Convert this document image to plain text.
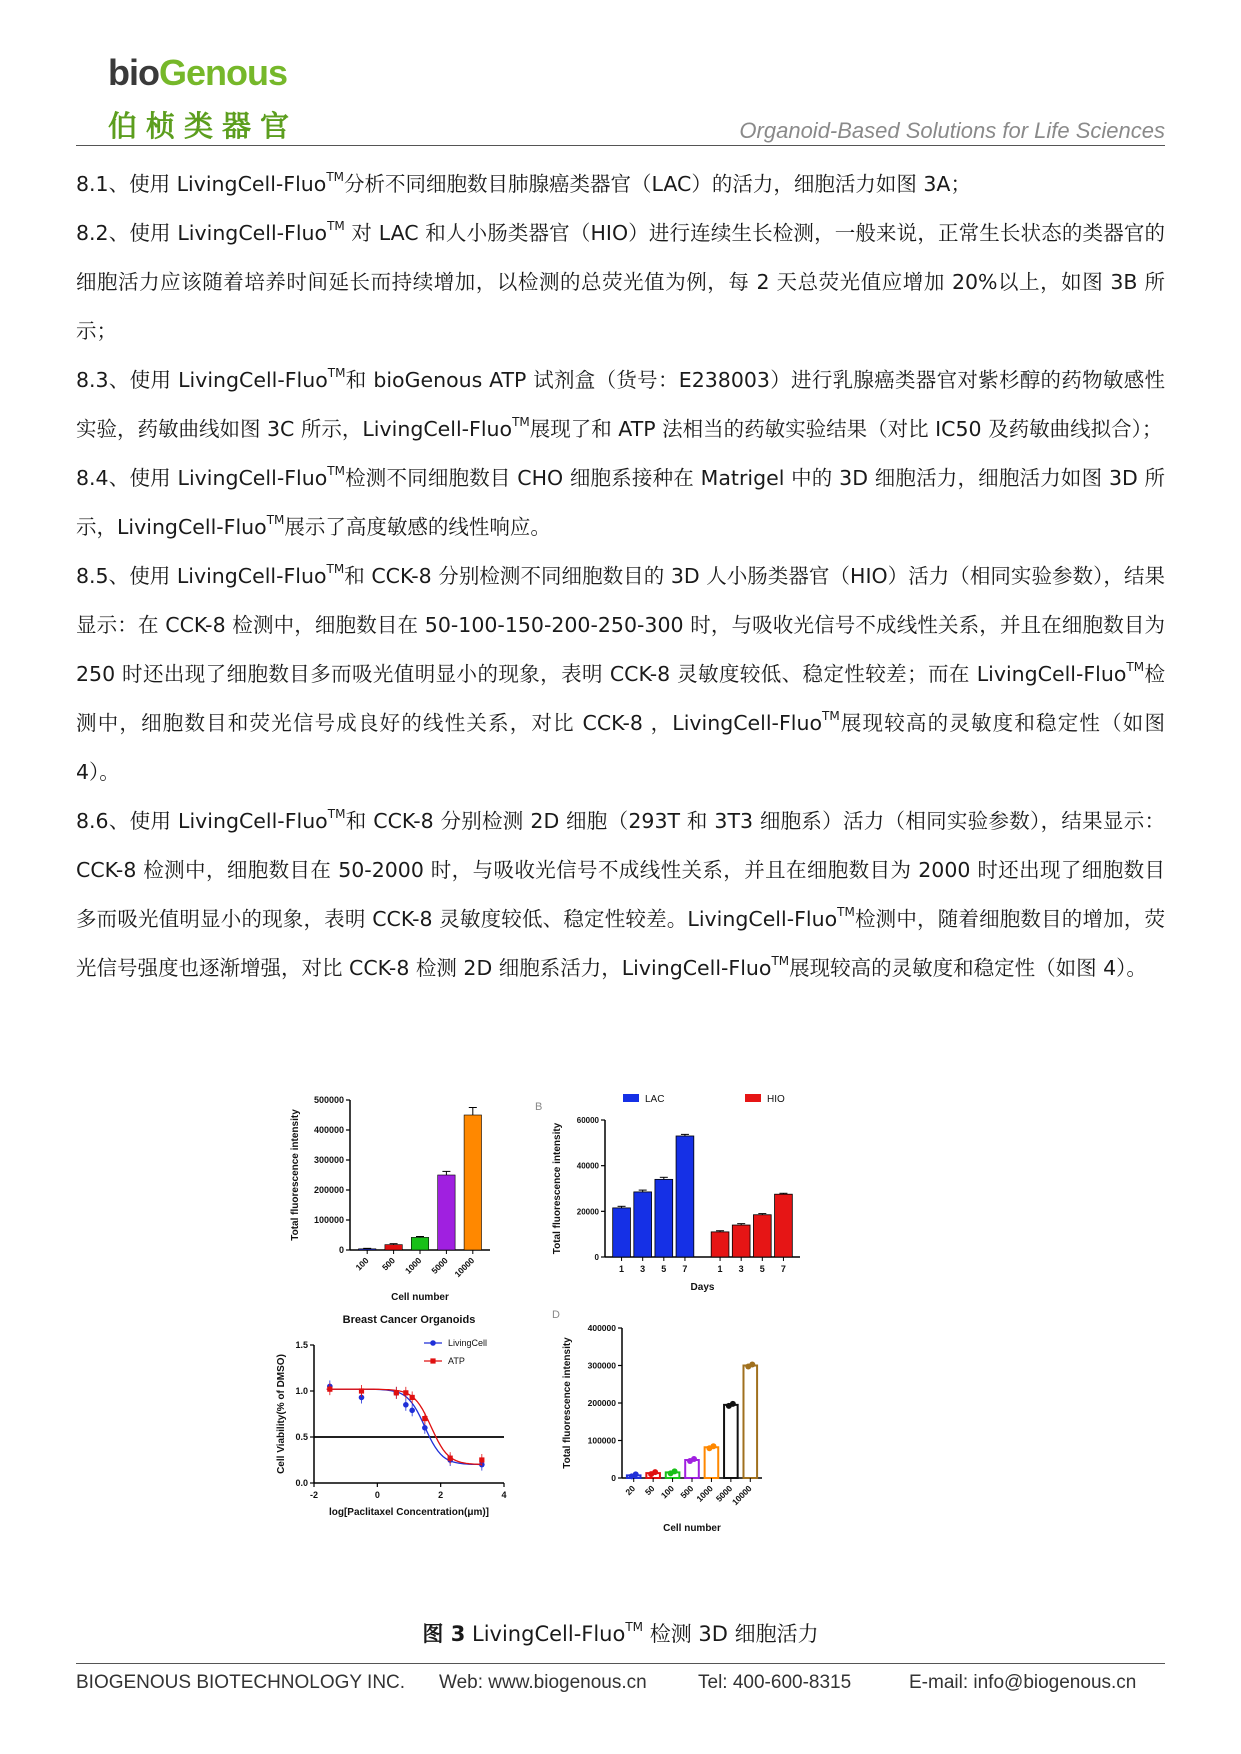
bioGenous
伯桢类器官	Organoid-Based Solutions for Life Sciences

8.1、使用 LivingCell-Fluo™分析不同细胞数目肺腺癌类器官（LAC）的活力，细胞活力如图 3A；

8.2、使用 LivingCell-Fluo™ 对 LAC 和人小肠类器官（HIO）进行连续生长检测，一般来说，正常生长状态的类器官的细胞活力应该随着培养时间延长而持续增加，以检测的总荧光值为例，每 2 天总荧光值应增加 20%以上，如图 3B 所示；

8.3、使用 LivingCell-Fluo™和 bioGenous ATP 试剂盒（货号：E238003）进行乳腺癌类器官对紫杉醇的药物敏感性实验，药敏曲线如图 3C 所示，LivingCell-Fluo™展现了和 ATP 法相当的药敏实验结果（对比 IC50 及药敏曲线拟合）；

8.4、使用 LivingCell-Fluo™检测不同细胞数目 CHO 细胞系接种在 Matrigel 中的 3D 细胞活力，细胞活力如图 3D 所示，LivingCell-Fluo™展示了高度敏感的线性响应。

8.5、使用 LivingCell-Fluo™和 CCK-8 分别检测不同细胞数目的 3D 人小肠类器官（HIO）活力（相同实验参数），结果显示：在 CCK-8 检测中，细胞数目在 50-100-150-200-250-300 时，与吸收光信号不成线性关系，并且在细胞数目为 250 时还出现了细胞数目多而吸光值明显小的现象，表明 CCK-8 灵敏度较低、稳定性较差；而在 LivingCell-Fluo™检测中，细胞数目和荧光信号成良好的线性关系，对比 CCK-8 ，LivingCell-Fluo™展现较高的灵敏度和稳定性（如图 4）。

8.6、使用 LivingCell-Fluo™和 CCK-8 分别检测 2D 细胞（293T 和 3T3 细胞系）活力（相同实验参数），结果显示：CCK-8 检测中，细胞数目在 50-2000 时，与吸收光信号不成线性关系，并且在细胞数目为 2000 时还出现了细胞数目多而吸光值明显小的现象，表明 CCK-8 灵敏度较低、稳定性较差。LivingCell-Fluo™检测中，随着细胞数目的增加，荧光信号强度也逐渐增强，对比 CCK-8 检测 2D 细胞系活力，LivingCell-Fluo™展现较高的灵敏度和稳定性（如图 4）。

0
100000
200000
300000
400000
500000
Total fluorescence intensity
Cell number
100 500 1000 5000 10000	0
20000
40000
60000
Total fluorescence intensity
Days
B
1 3 5 7
LAC
1 3 5 7
HIO
0
100000
200000
300000
400000
Total fluorescence intensity
Cell number
D
20 50 100 500
1000
5000
10000
Breast Cancer Organoids
0.0
0.5
1.0
1.5
-2	0	2	4
Cell Viability(% of DMSO)
log[Paclitaxel Concentration(μm)]
LivingCell
ATP
图 3 LivingCell-Fluo™ 检测 3D 细胞活力
BIOGENOUS BIOTECHNOLOGY INC. Web: www.biogenous.cn	Tel: 400-600-8315	E-mail: info@biogenous.cn
